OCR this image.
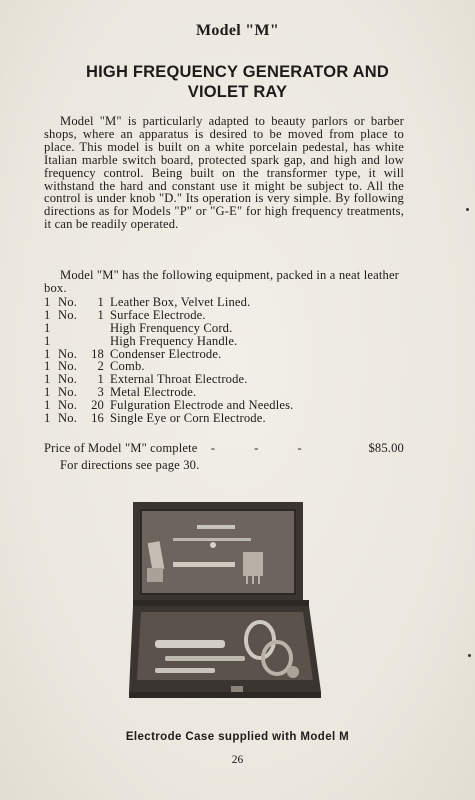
Model "M"
HIGH FREQUENCY GENERATOR AND
VIOLET RAY

Model "M" is particularly adapted to beauty parlors or barber shops, where an apparatus is desired to be moved from place to place. This model is built on a white porcelain pedestal, has white Italian marble switch board, protected spark gap, and high and low frequency control. Being built on the transformer type, it will withstand the hard and constant use it might be subject to. All the control is under knob "D." Its operation is very simple. By following directions as for Models "P" or "G-E" for high frequency treatments, it can be readily operated.

Model "M" has the following equipment, packed in a neat leather box.

1 No.	1 Leather Box, Velvet Lined.
1 No.	1 Surface Electrode.
1	High Frenquency Cord.
1	High Frequency Handle.
1 No.	18 Condenser Electrode.
1 No.	2 Comb.
1 No.	1 External Throat Electrode.
1 No.	3 Metal Electrode.
1 No.	20 Fulguration Electrode and Needles.
1 No.	16 Single Eye or Corn Electrode.
Price of Model "M" complete - - -	$85.00
For directions see page 30.
Electrode Case supplied with Model M
26
